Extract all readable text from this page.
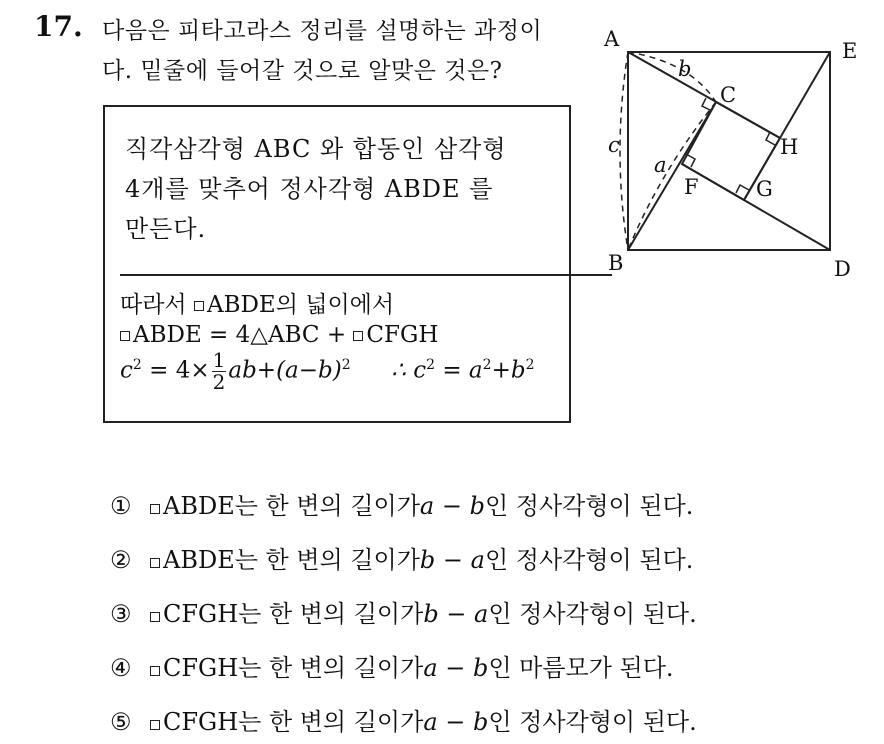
17. 다음은 피타고라스 정리를 설명하는 과정이
다. 밑줄에 들어갈 것으로 알맞은 것은?
직각삼각형 ABC 와 합동인 삼각형
4개를 맞추어 정사각형 ABDE 를
만든다.
따라서 ABDE의 넓이에서
ABDE = 4△ABC + CFGH
$c^2 = 4\times \frac{1}{2} ab+(a-b)^2$ ∴ $c^2 = a^2+b^2$
A	E
B	D
C
H
G
F
b
c
a
①	ABDE 는 한 변의 길이가 a − b 인 정사각형이 된다.
②	ABDE 는 한 변의 길이가 b − a 인 정사각형이 된다.
③	CFGH 는 한 변의 길이가 b − a 인 정사각형이 된다.
④	CFGH 는 한 변의 길이가 a − b 인 마름모가 된다.
⑤	CFGH 는 한 변의 길이가 a − b 인 정사각형이 된다.
